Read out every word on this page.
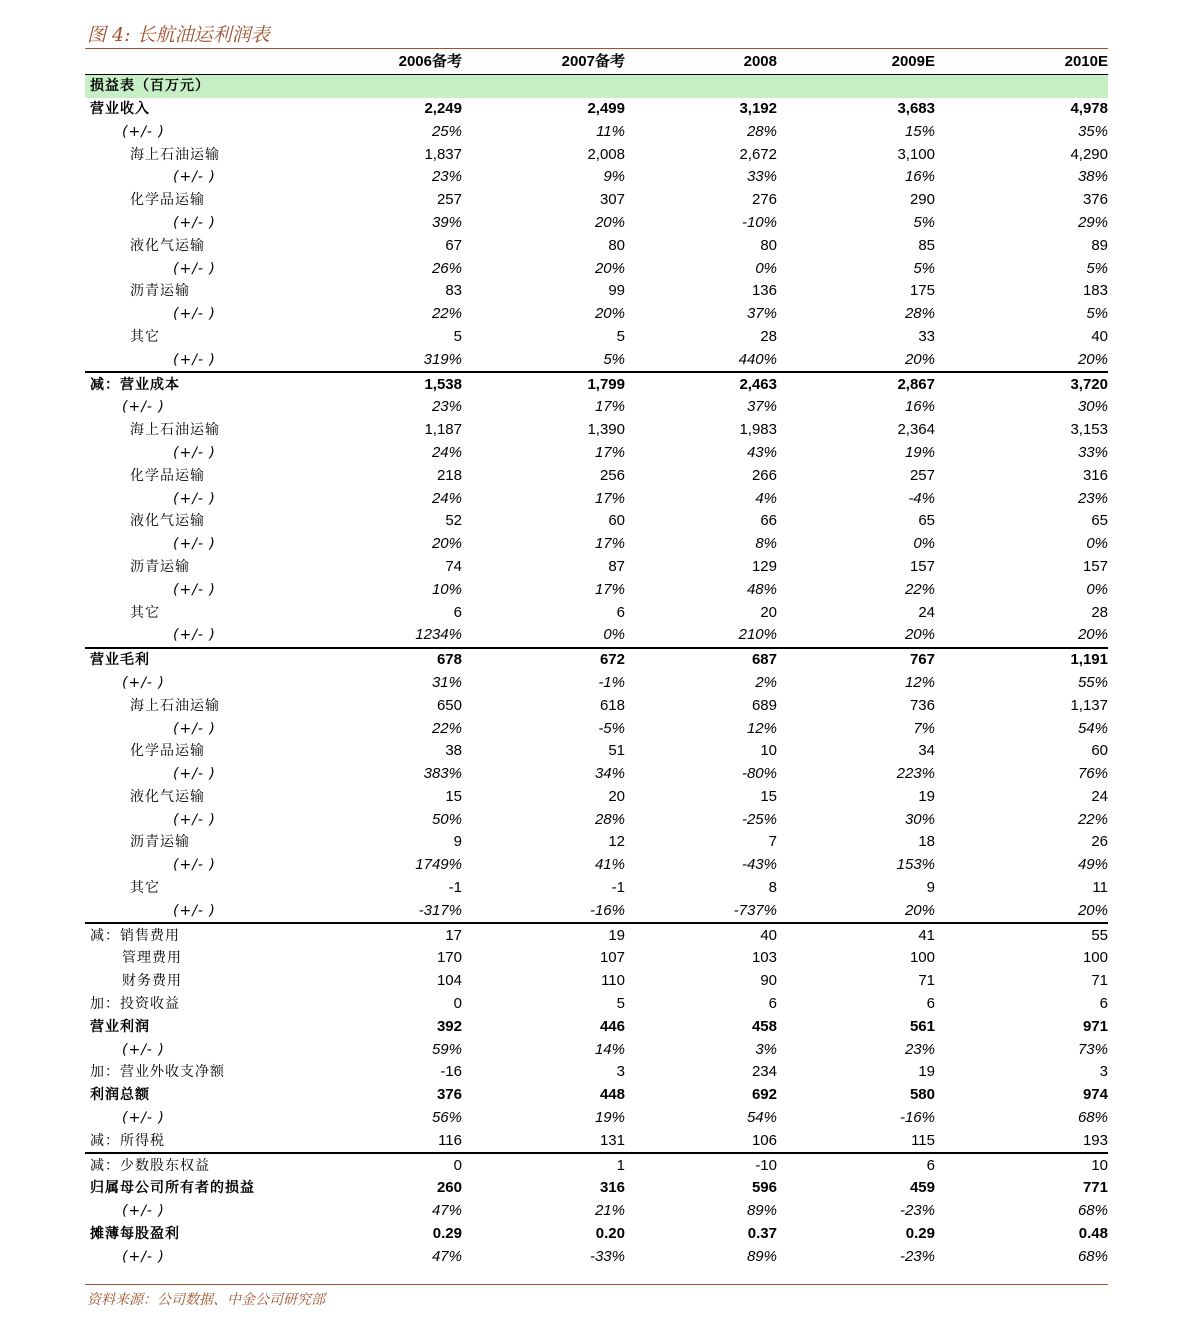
图 4: 长航油运利润表
	2006备考	2007备考	2008	2009E	2010E
损益表（百万元）					
营业收入	2,249	2,499	3,192	3,683	4,978
(+/- )	25%	11%	28%	15%	35%
海上石油运输	1,837	2,008	2,672	3,100	4,290
(+/- )	23%	9%	33%	16%	38%
化学品运输	257	307	276	290	376
(+/- )	39%	20%	-10%	5%	29%
液化气运输	67	80	80	85	89
(+/- )	26%	20%	0%	5%	5%
沥青运输	83	99	136	175	183
(+/- )	22%	20%	37%	28%	5%
其它	5	5	28	33	40
(+/- )	319%	5%	440%	20%	20%
减：营业成本	1,538	1,799	2,463	2,867	3,720
(+/- )	23%	17%	37%	16%	30%
海上石油运输	1,187	1,390	1,983	2,364	3,153
(+/- )	24%	17%	43%	19%	33%
化学品运输	218	256	266	257	316
(+/- )	24%	17%	4%	-4%	23%
液化气运输	52	60	66	65	65
(+/- )	20%	17%	8%	0%	0%
沥青运输	74	87	129	157	157
(+/- )	10%	17%	48%	22%	0%
其它	6	6	20	24	28
(+/- )	1234%	0%	210%	20%	20%
营业毛利	678	672	687	767	1,191
(+/- )	31%	-1%	2%	12%	55%
海上石油运输	650	618	689	736	1,137
(+/- )	22%	-5%	12%	7%	54%
化学品运输	38	51	10	34	60
(+/- )	383%	34%	-80%	223%	76%
液化气运输	15	20	15	19	24
(+/- )	50%	28%	-25%	30%	22%
沥青运输	9	12	7	18	26
(+/- )	1749%	41%	-43%	153%	49%
其它	-1	-1	8	9	11
(+/- )	-317%	-16%	-737%	20%	20%
减：销售费用	17	19	40	41	55
管理费用	170	107	103	100	100
财务费用	104	110	90	71	71
加：投资收益	0	5	6	6	6
营业利润	392	446	458	561	971
(+/- )	59%	14%	3%	23%	73%
加：营业外收支净额	-16	3	234	19	3
利润总额	376	448	692	580	974
(+/- )	56%	19%	54%	-16%	68%
减：所得税	116	131	106	115	193
减：少数股东权益	0	1	-10	6	10
归属母公司所有者的损益	260	316	596	459	771
(+/- )	47%	21%	89%	-23%	68%
摊薄每股盈利	0.29	0.20	0.37	0.29	0.48
(+/- )	47%	-33%	89%	-23%	68%
资料来源：公司数据、中金公司研究部
